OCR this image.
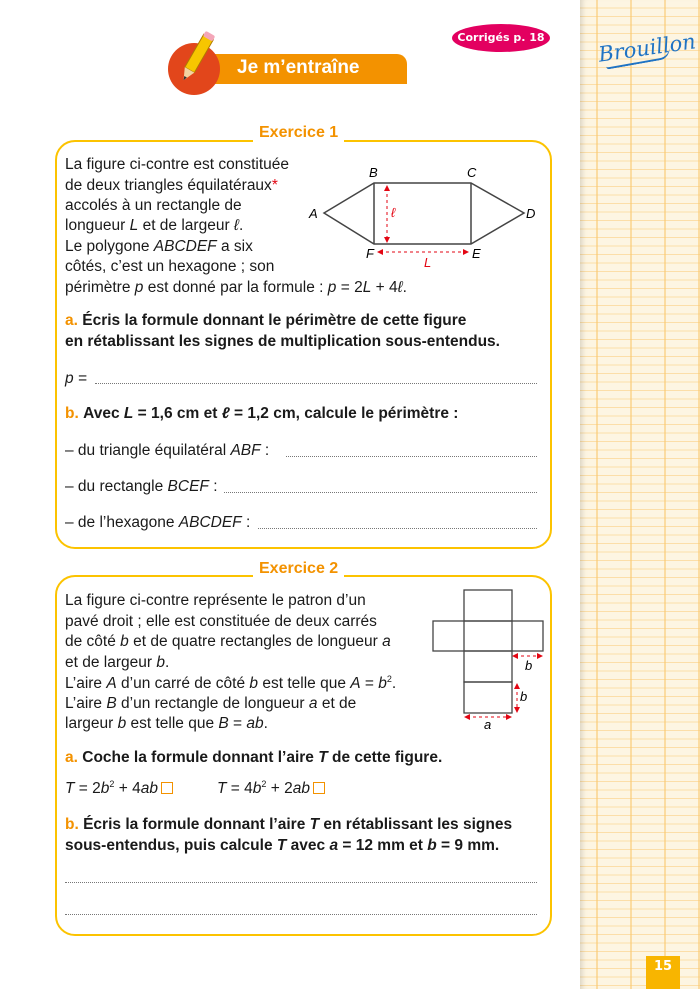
Brouillon
15
Je m’entraîne
Corrigés p. 18
Exercice 1
La figure ci-contre est constituée
de deux triangles équilatéraux*
accolés à un rectangle de
longueur L et de largeur ℓ.
Le polygone ABCDEF a six
côtés, c’est un hexagone ; son
périmètre p est donné par la formule : p = 2L + 4ℓ.
A
B	C
D
E
F
ℓ
L
a. Écris la formule donnant le périmètre de cette figure
en rétablissant les signes de multiplication sous-entendus.
p =
b. Avec L = 1,6 cm et ℓ = 1,2 cm, calcule le périmètre :
– du triangle équilatéral ABF :
– du rectangle BCEF :
– de l’hexagone ABCDEF :
Exercice 2
La figure ci-contre représente le patron d’un
pavé droit ; elle est constituée de deux carrés
de côté b et de quatre rectangles de longueur a
et de largeur b.
L’aire A d’un carré de côté b est telle que $A = b^2$.
L’aire B d’un rectangle de longueur a et de
largeur b est telle que B = ab.
b
b
a
a. Coche la formule donnant l’aire T de cette figure.
$T = 2b^2 + 4ab$	$T = 4b^2 + 2ab$
b. Écris la formule donnant l’aire T en rétablissant les signes
sous-entendus, puis calcule T avec a = 12 mm et b = 9 mm.
